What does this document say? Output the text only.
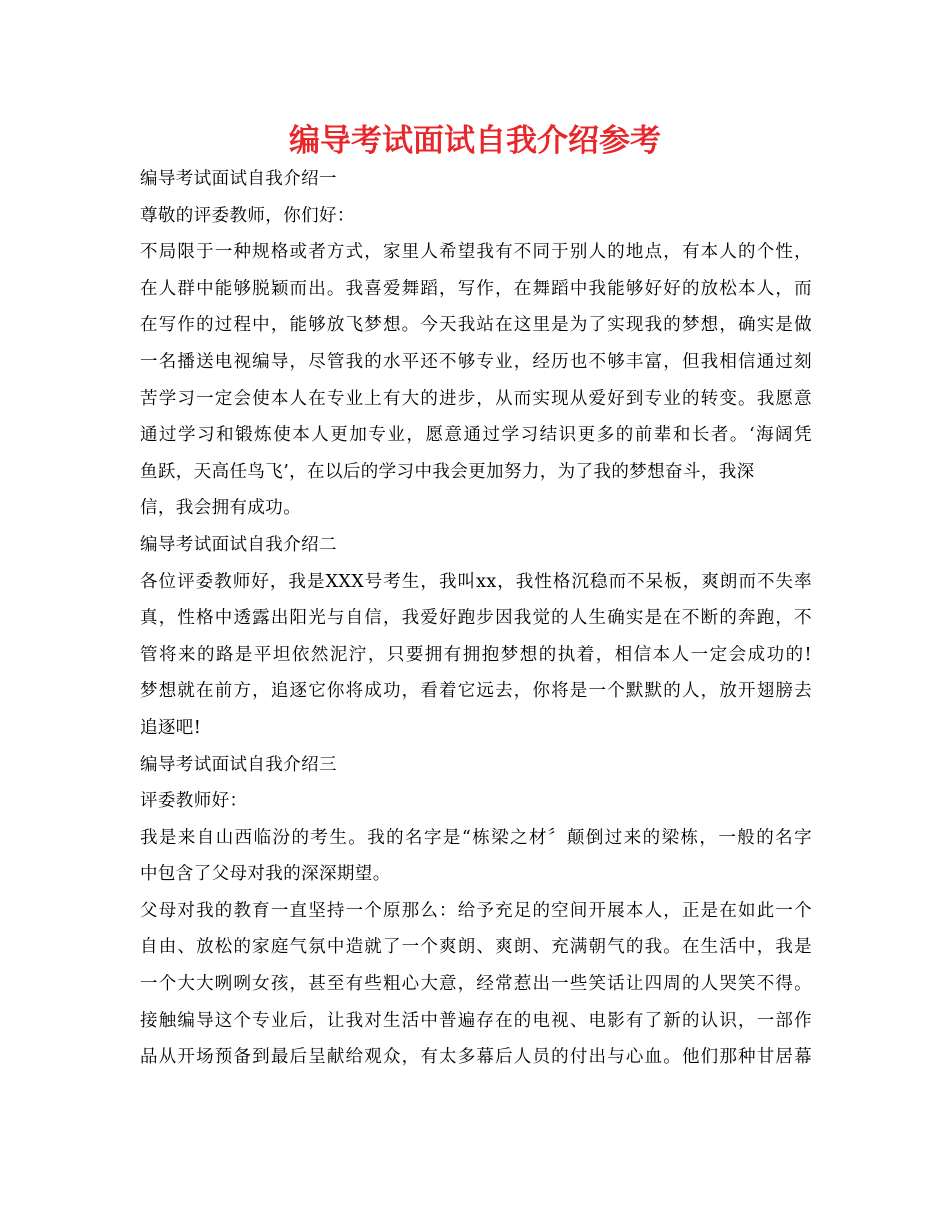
编导考试面试自我介绍参考
编导考试面试自我介绍一
尊敬的评委教师，你们好：
不局限于一种规格或者方式，家里人希望我有不同于别人的地点，有本人的个性，
在人群中能够脱颖而出。我喜爱舞蹈，写作，在舞蹈中我能够好好的放松本人，而
在写作的过程中，能够放飞梦想。今天我站在这里是为了实现我的梦想，确实是做
一名播送电视编导，尽管我的水平还不够专业，经历也不够丰富，但我相信通过刻
苦学习一定会使本人在专业上有大的进步，从而实现从爱好到专业的转变。我愿意
通过学习和锻炼使本人更加专业，愿意通过学习结识更多的前辈和长者。‘海阔凭
鱼跃，天高任鸟飞’，在以后的学习中我会更加努力，为了我的梦想奋斗，我深
信，我会拥有成功。
编导考试面试自我介绍二
各位评委教师好，我是XXX号考生，我叫xx，我性格沉稳而不呆板，爽朗而不失率
真，性格中透露出阳光与自信，我爱好跑步因我觉的人生确实是在不断的奔跑，不
管将来的路是平坦依然泥泞，只要拥有拥抱梦想的执着，相信本人一定会成功的!
梦想就在前方，追逐它你将成功，看着它远去，你将是一个默默的人，放开翅膀去
追逐吧!
编导考试面试自我介绍三
评委教师好：
我是来自山西临汾的考生。我的名字是“栋梁之材〞颠倒过来的梁栋，一般的名字
中包含了父母对我的深深期望。
父母对我的教育一直坚持一个原那么：给予充足的空间开展本人，正是在如此一个
自由、放松的家庭气氛中造就了一个爽朗、爽朗、充满朝气的我。在生活中，我是
一个大大咧咧女孩，甚至有些粗心大意，经常惹出一些笑话让四周的人哭笑不得。
接触编导这个专业后，让我对生活中普遍存在的电视、电影有了新的认识，一部作
品从开场预备到最后呈献给观众，有太多幕后人员的付出与心血。他们那种甘居幕
